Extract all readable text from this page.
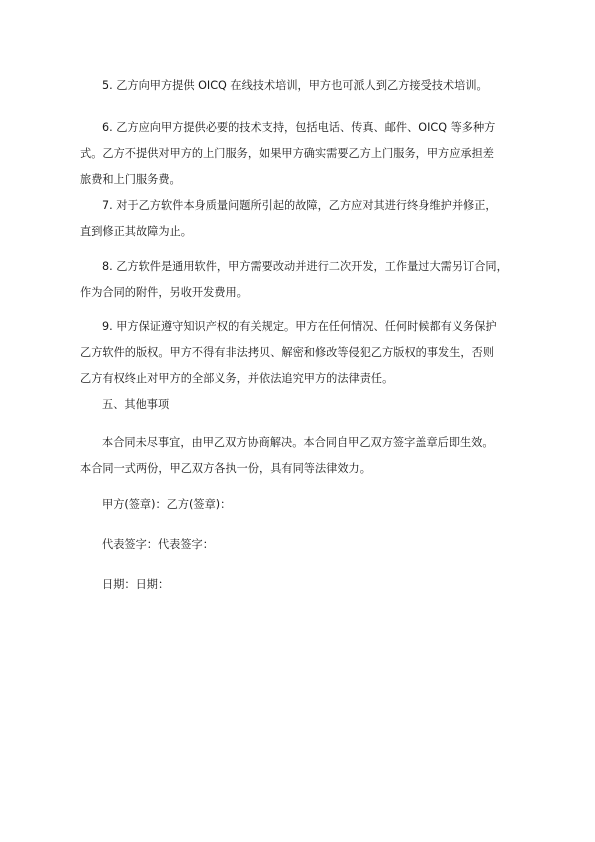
5. 乙方向甲方提供 OICQ 在线技术培训，甲方也可派人到乙方接受技术培训。
6. 乙方应向甲方提供必要的技术支持，包括电话、传真、邮件、OICQ 等多种方
式。乙方不提供对甲方的上门服务，如果甲方确实需要乙方上门服务，甲方应承担差
旅费和上门服务费。
7. 对于乙方软件本身质量问题所引起的故障，乙方应对其进行终身维护并修正，
直到修正其故障为止。
8. 乙方软件是通用软件，甲方需要改动并进行二次开发，工作量过大需另订合同，
作为合同的附件，另收开发费用。
9. 甲方保证遵守知识产权的有关规定。甲方在任何情况、任何时候都有义务保护
乙方软件的版权。甲方不得有非法拷贝、解密和修改等侵犯乙方版权的事发生，否则
乙方有权终止对甲方的全部义务，并依法追究甲方的法律责任。
五、其他事项
本合同未尽事宜，由甲乙双方协商解决。本合同自甲乙双方签字盖章后即生效。
本合同一式两份，甲乙双方各执一份，具有同等法律效力。
甲方(签章)：乙方(签章)：
代表签字：代表签字：
日期：日期：
